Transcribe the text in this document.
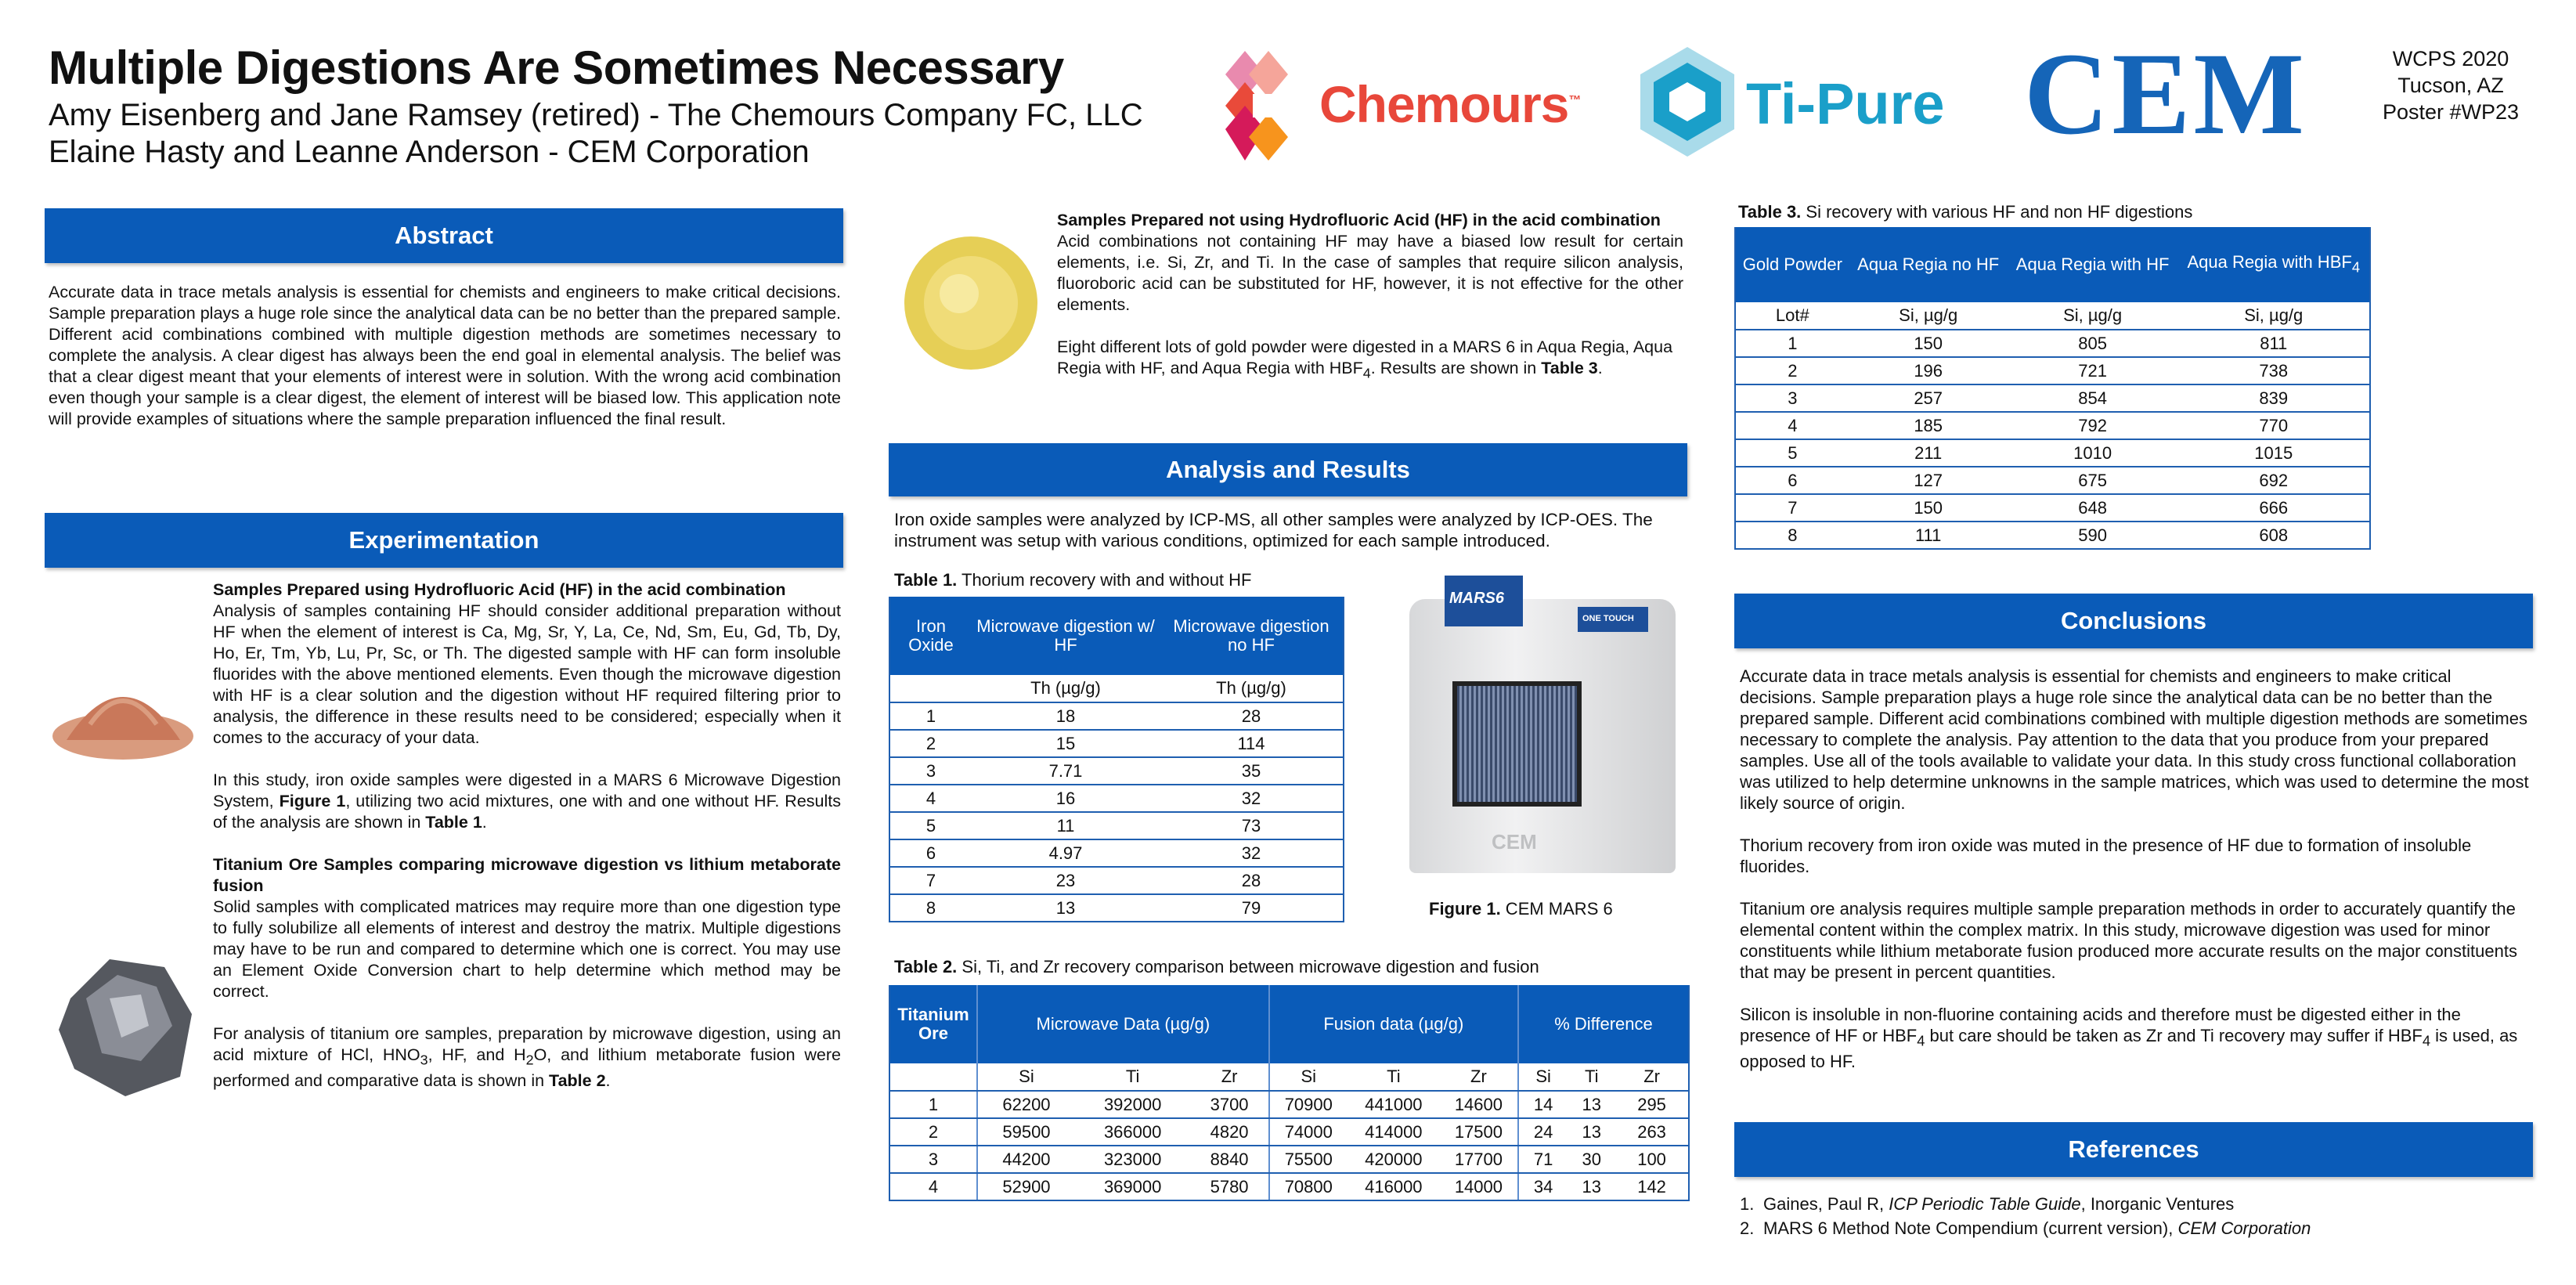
Multiple Digestions Are Sometimes Necessary
Amy Eisenberg and Jane Ramsey (retired) - The Chemours Company FC, LLC
Elaine Hasty and Leanne Anderson - CEM Corporation
Chemours™	Ti-Pure CEM	WCPS 2020
Tucson, AZ
Poster #WP23
Abstract
Accurate data in trace metals analysis is essential for chemists and engineers to make critical decisions. Sample preparation plays a huge role since the analytical data can be no better than the prepared sample. Different acid combinations combined with multiple digestion methods are sometimes necessary to complete the analysis. A clear digest has always been the end goal in elemental analysis. The belief was that a clear digest meant that your elements of interest were in solution. With the wrong acid combination even though your sample is a clear digest, the element of interest will be biased low. This application note will provide examples of situations where the sample preparation influenced the final result.
Experimentation
Samples Prepared using Hydrofluoric Acid (HF) in the acid combination
Analysis of samples containing HF should consider additional preparation without HF when the element of interest is Ca, Mg, Sr, Y, La, Ce, Nd, Sm, Eu, Gd, Tb, Dy, Ho, Er, Tm, Yb, Lu, Pr, Sc, or Th. The digested sample with HF can form insoluble fluorides with the above mentioned elements. Even though the microwave digestion with HF is a clear solution and the digestion without HF required filtering prior to analysis, the difference in these results need to be considered; especially when it comes to the accuracy of your data.

In this study, iron oxide samples were digested in a MARS 6 Microwave Digestion System, Figure 1, utilizing two acid mixtures, one with and one without HF. Results of the analysis are shown in Table 1.

Titanium Ore Samples comparing microwave digestion vs lithium metaborate fusion
Solid samples with complicated matrices may require more than one digestion type to fully solubilize all elements of interest and destroy the matrix. Multiple digestions may have to be run and compared to determine which one is correct. You may use an Element Oxide Conversion chart to help determine which method may be correct.

For analysis of titanium ore samples, preparation by microwave digestion, using an acid mixture of HCl, $HNO_3$, HF, and $H_2O$, and lithium metaborate fusion were performed and comparative data is shown in Table 2.

Samples Prepared not using Hydrofluoric Acid (HF) in the acid combination
Acid combinations not containing HF may have a biased low result for certain elements, i.e. Si, Zr, and Ti. In the case of samples that require silicon analysis, fluoroboric acid can be substituted for HF, however, it is not effective for the other elements.
Eight different lots of gold powder were digested in a MARS 6 in Aqua Regia, Aqua Regia with HF, and Aqua Regia with $HBF_4$. Results are shown in Table 3.
Analysis and Results
Iron oxide samples were analyzed by ICP-MS, all other samples were analyzed by ICP-OES. The instrument was setup with various conditions, optimized for each sample introduced.
Table 1. Thorium recovery with and without HF
Iron Oxide	Microwave digestion w/ HF	Microwave digestion no HF
	Th (µg/g)	Th (µg/g)
1	18	28
2	15	114
3	7.71	35
4	16	32
5	11	73
6	4.97	32
7	23	28
8	13	79
MARS6
ONE TOUCH
CEM
Figure 1. CEM MARS 6
Table 2. Si, Ti, and Zr recovery comparison between microwave digestion and fusion
Titanium Ore	Microwave Data (µg/g)			Fusion data (µg/g)			% Difference		
	Si	Ti	Zr	Si	Ti	Zr	Si	Ti	Zr
1	62200	392000	3700	70900	441000	14600	14	13	295
2	59500	366000	4820	74000	414000	17500	24	13	263
3	44200	323000	8840	75500	420000	17700	71	30	100
4	52900	369000	5780	70800	416000	14000	34	13	142
Table 3. Si recovery with various HF and non HF digestions
Gold Powder	Aqua Regia no HF	Aqua Regia with HF	Aqua Regia with $HBF_4$
Lot#	Si, µg/g	Si, µg/g	Si, µg/g
1	150	805	811
2	196	721	738
3	257	854	839
4	185	792	770
5	211	1010	1015
6	127	675	692
7	150	648	666
8	111	590	608
Conclusions

Accurate data in trace metals analysis is essential for chemists and engineers to make critical decisions. Sample preparation plays a huge role since the analytical data can be no better than the prepared sample. Different acid combinations combined with multiple digestion methods are sometimes necessary to complete the analysis. Pay attention to the data that you produce from your prepared samples. Use all of the tools available to validate your data. In this study cross functional collaboration was utilized to help determine unknowns in the sample matrices, which was used to determine the most likely source of origin.

Thorium recovery from iron oxide was muted in the presence of HF due to formation of insoluble fluorides.

Titanium ore analysis requires multiple sample preparation methods in order to accurately quantify the elemental content within the complex matrix. In this study, microwave digestion was used for minor constituents while lithium metaborate fusion produced more accurate results on the major constituents that may be present in percent quantities.

Silicon is insoluble in non-fluorine containing acids and therefore must be digested either in the presence of HF or $HBF_4$ but care should be taken as Zr and Ti recovery may suffer if $HBF_4$ is used, as opposed to HF.

References
1. Gaines, Paul R, ICP Periodic Table Guide, Inorganic Ventures
2. MARS 6 Method Note Compendium (current version), CEM Corporation
